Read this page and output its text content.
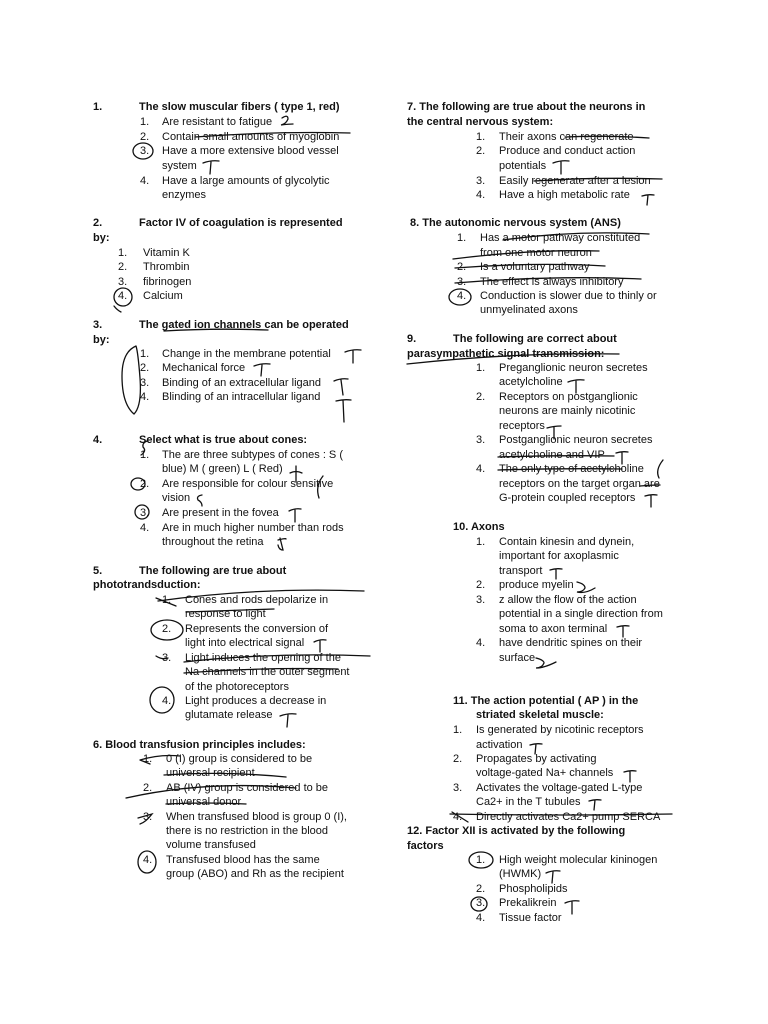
1.	The slow muscular fibers ( type 1, red)
1. Are resistant to fatigue
2. Contain small amounts of myoglobin
3. Have a more extensive blood vessel
system
4. Have a large amounts of glycolytic
enzymes
2.	Factor IV of coagulation is represented
by:
1. Vitamin K
2. Thrombin
3. fibrinogen
4. Calcium
3.	The gated ion channels can be operated
by:
1. Change in the membrane potential
2. Mechanical force
3. Binding of an extracellular ligand
4. Blinding of an intracellular ligand
4.	Select what is true about cones:
1. The are three subtypes of cones : S (
blue) M ( green) L ( Red)
2. Are responsible for colour sensitive
vision
3. Are present in the fovea
4. Are in much higher number than rods
throughout the retina
5.	The following are true about
phototrandsduction:
1. Cones and rods depolarize in
response to light
2. Represents the conversion of
light into electrical signal
3. Light induces the opening of the
Na channels in the outer segment
of the photoreceptors
4. Light produces a decrease in
glutamate release
6. Blood transfusion principles includes:
1. 0 (I) group is considered to be
universal recipient
2. AB (IV) group is considered to be
universal donor
3. When transfused blood is group 0 (I),
there is no restriction in the blood
volume transfused
4. Transfused blood has the same
group (ABO) and Rh as the recipient
7. The following are true about the neurons in
the central nervous system:
1. Their axons can regenerate
2. Produce and conduct action
potentials
3. Easily regenerate after a lesion
4. Have a high metabolic rate
8. The autonomic nervous system (ANS)
1. Has a motor pathway constituted
from one motor neuron
2. Is a voluntary pathway
3. The effect is always inhibitory
4. Conduction is slower due to thinly or
unmyelinated axons
9.	The following are correct about
parasympathetic signal transmission:
1. Preganglionic neuron secretes
acetylcholine
2. Receptors on postganglionic
neurons are mainly nicotinic
receptors
3. Postganglionic neuron secretes
acetylcholine and VIP
4. The only type of acetylcholine
receptors on the target organ are
G-protein coupled receptors
10. Axons
1. Contain kinesin and dynein,
important for axoplasmic
transport
2. produce myelin
3. z allow the flow of the action
potential in a single direction from
soma to axon terminal
4. have dendritic spines on their
surface
11. The action potential ( AP ) in the
striated skeletal muscle:
1. Is generated by nicotinic receptors
activation
2. Propagates by activating
voltage-gated Na+ channels
3. Activates the voltage-gated L-type
Ca2+ in the T tubules
4. Directly activates Ca2+ pump SERCA
12. Factor XII is activated by the following
factors
1. High weight molecular kininogen
(HWMK)
2. Phospholipids
3. Prekalikrein
4. Tissue factor
